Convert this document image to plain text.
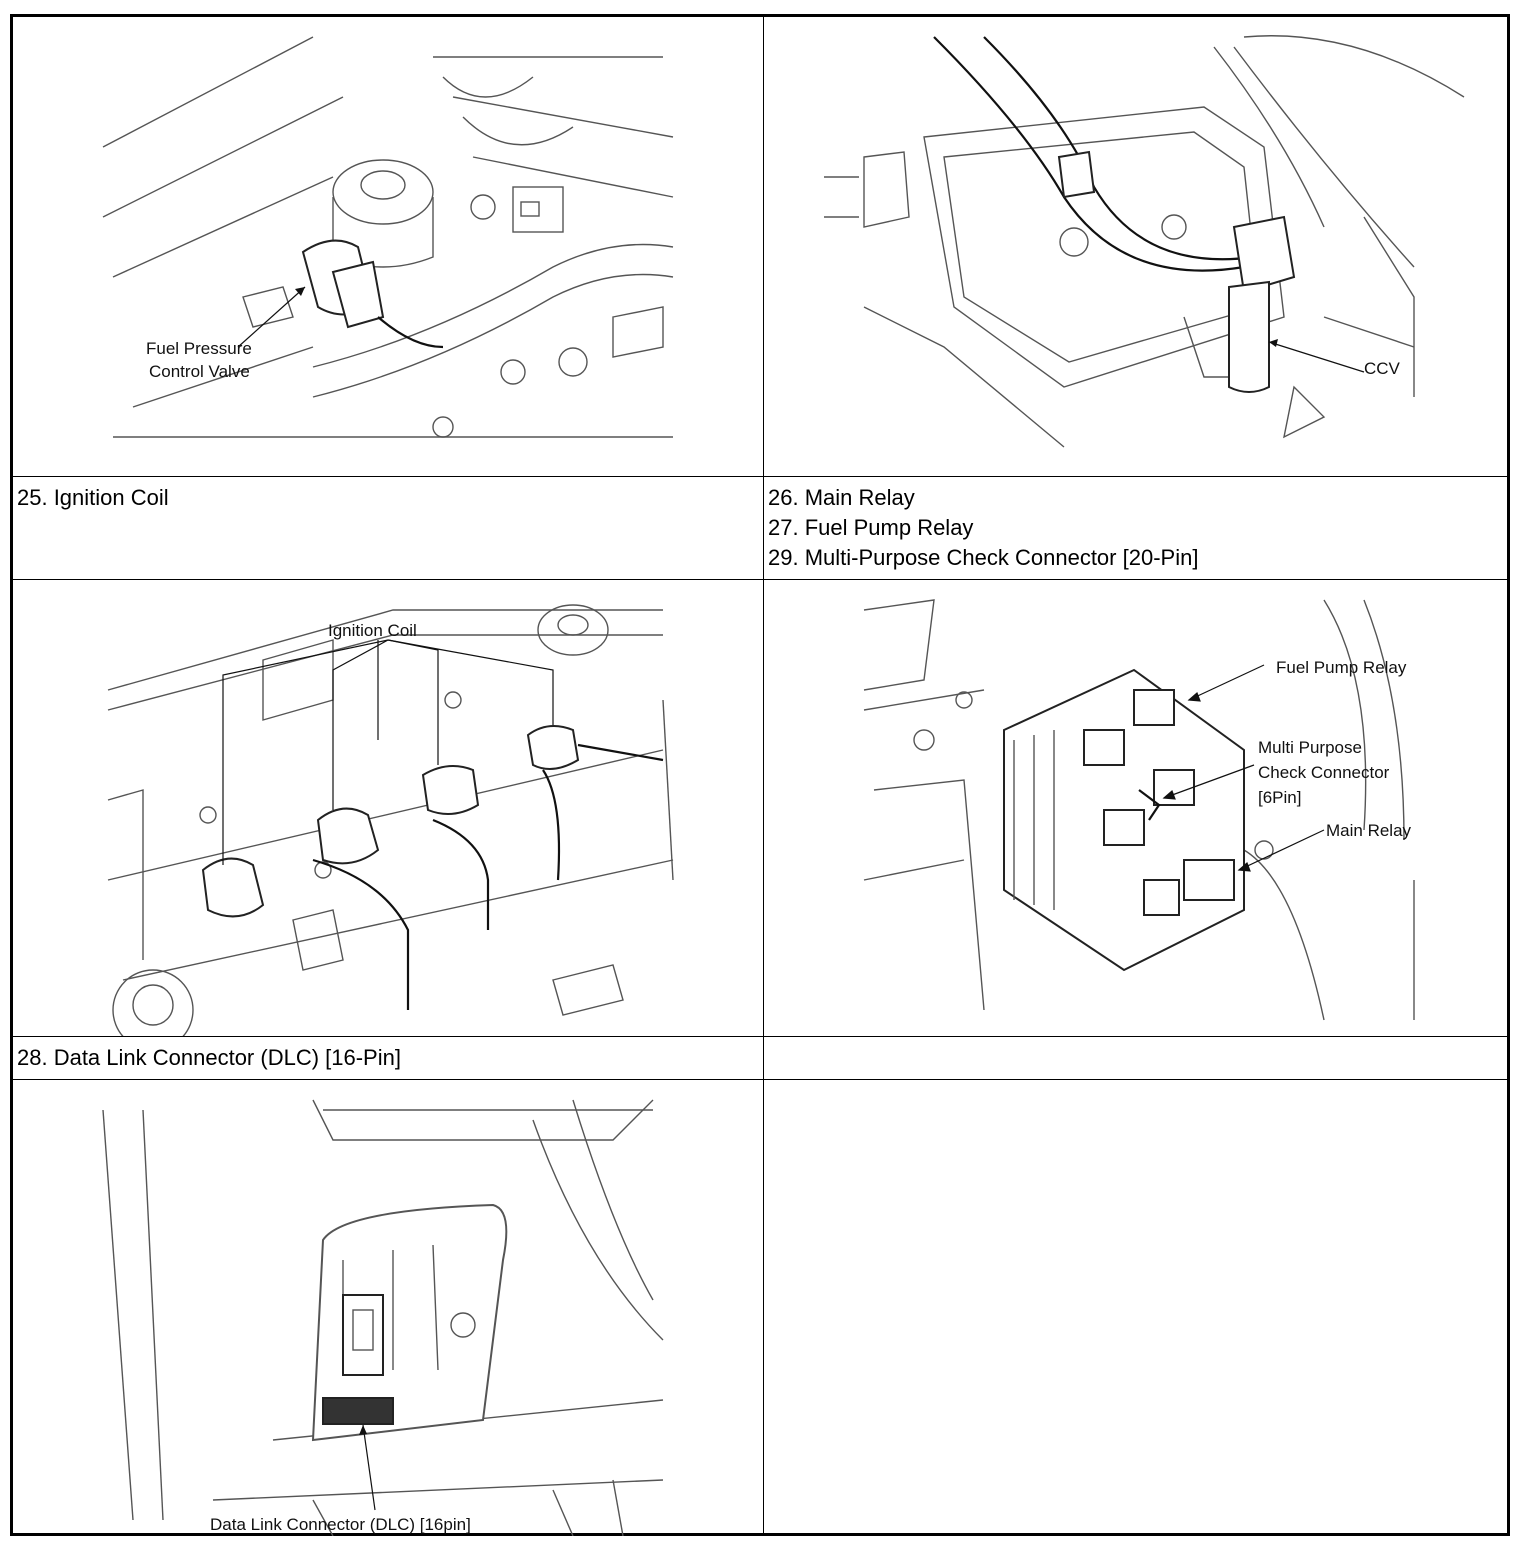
Fuel Pressure
Control Valve	CCV
25. Ignition Coil	26. Main Relay
27. Fuel Pump Relay
29. Multi-Purpose Check Connector [20-Pin]
Ignition Coil
Fuel Pump Relay
Multi Purpose
Check Connector
[6Pin]
Main Relay
28. Data Link Connector (DLC) [16-Pin]
Data Link Connector (DLC) [16pin]
